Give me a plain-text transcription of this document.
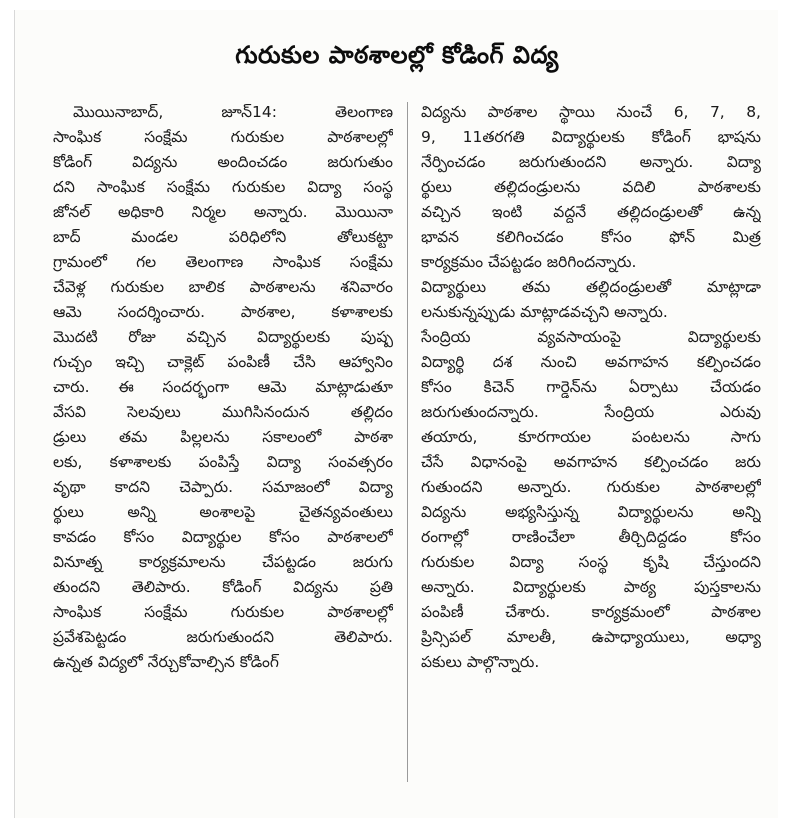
గురుకుల పాఠశాలల్లో కోడింగ్ విద్య
మొయినాబాద్, జూన్14: తెలంగాణ
సాంఘిక సంక్షేమ గురుకుల పాఠశాలల్లో
కోడింగ్ విద్యను అందించడం జరుగుతుం
దని సాంఘిక సంక్షేమ గురుకుల విద్యా సంస్థ
జోనల్ అధికారి నిర్మల అన్నారు. మొయినా
బాద్ మండల పరిధిలోని తోలుకట్టా
గ్రామంలో గల తెలంగాణ సాంఘిక సంక్షేమ
చేవెళ్ల గురుకుల బాలిక పాఠశాలను శనివారం
ఆమె సందర్శించారు. పాఠశాల, కళాశాలకు
మొదటి రోజు వచ్చిన విద్యార్థులకు పుష్ప
గుచ్చం ఇచ్చి చాక్లెట్ పంపిణీ చేసి ఆహ్వానిం
చారు. ఈ సందర్భంగా ఆమె మాట్లాడుతూ
వేసవి సెలవులు ముగిసినందున తల్లిదం
డ్రులు తమ పిల్లలను సకాలంలో పాఠశా
లకు, కళాశాలకు పంపిస్తే విద్యా సంవత్సరం
వృథా కాదని చెప్పారు. సమాజంలో విద్యా
ర్థులు అన్ని అంశాలపై చైతన్యవంతులు
కావడం కోసం విద్యార్థుల కోసం పాఠశాలలో
వినూత్న కార్యక్రమాలను చేపట్టడం జరుగు
తుందని తెలిపారు. కోడింగ్ విద్యను ప్రతి
సాంఘిక సంక్షేమ గురుకుల పాఠశాలల్లో
ప్రవేశపెట్టడం జరుగుతుందని తెలిపారు.
ఉన్నత విద్యలో నేర్చుకోవాల్సిన కోడింగ్
విద్యను పాఠశాల స్థాయి నుంచే 6, 7, 8,
9, 11తరగతి విద్యార్థులకు కోడింగ్ భాషను
నేర్పించడం జరుగుతుందని అన్నారు. విద్యా
ర్థులు తల్లిదండ్రులను వదిలి పాఠశాలకు
వచ్చిన ఇంటి వద్దనే తల్లిదండ్రులతో ఉన్న
భావన కలిగించడం కోసం ఫోన్ మిత్ర
కార్యక్రమం చేపట్టడం జరిగిందన్నారు.
విద్యార్థులు తమ తల్లిదండ్రులతో మాట్లాడా
లనుకున్నప్పుడు మాట్లాడవచ్చని అన్నారు.
సేంద్రియ వ్యవసాయంపై విద్యార్థులకు
విద్యార్థి దశ నుంచి అవగాహన కల్పించడం
కోసం కిచెన్ గార్డెన్‌ను ఏర్పాటు చేయడం
జరుగుతుందన్నారు. సేంద్రియ ఎరువు
తయారు, కూరగాయల పంటలను సాగు
చేసే విధానంపై అవగాహన కల్పించడం జరు
గుతుందని అన్నారు. గురుకుల పాఠశాలల్లో
విద్యను అభ్యసిస్తున్న విద్యార్థులను అన్ని
రంగాల్లో రాణించేలా తీర్చిదిద్దడం కోసం
గురుకుల విద్యా సంస్థ కృషి చేస్తుందని
అన్నారు. విద్యార్థులకు పాఠ్య పుస్తకాలను
పంపిణీ చేశారు. కార్యక్రమంలో పాఠశాల
ప్రిన్సిపల్ మాలతీ, ఉపాధ్యాయులు, అధ్యా
పకులు పాల్గొన్నారు.
